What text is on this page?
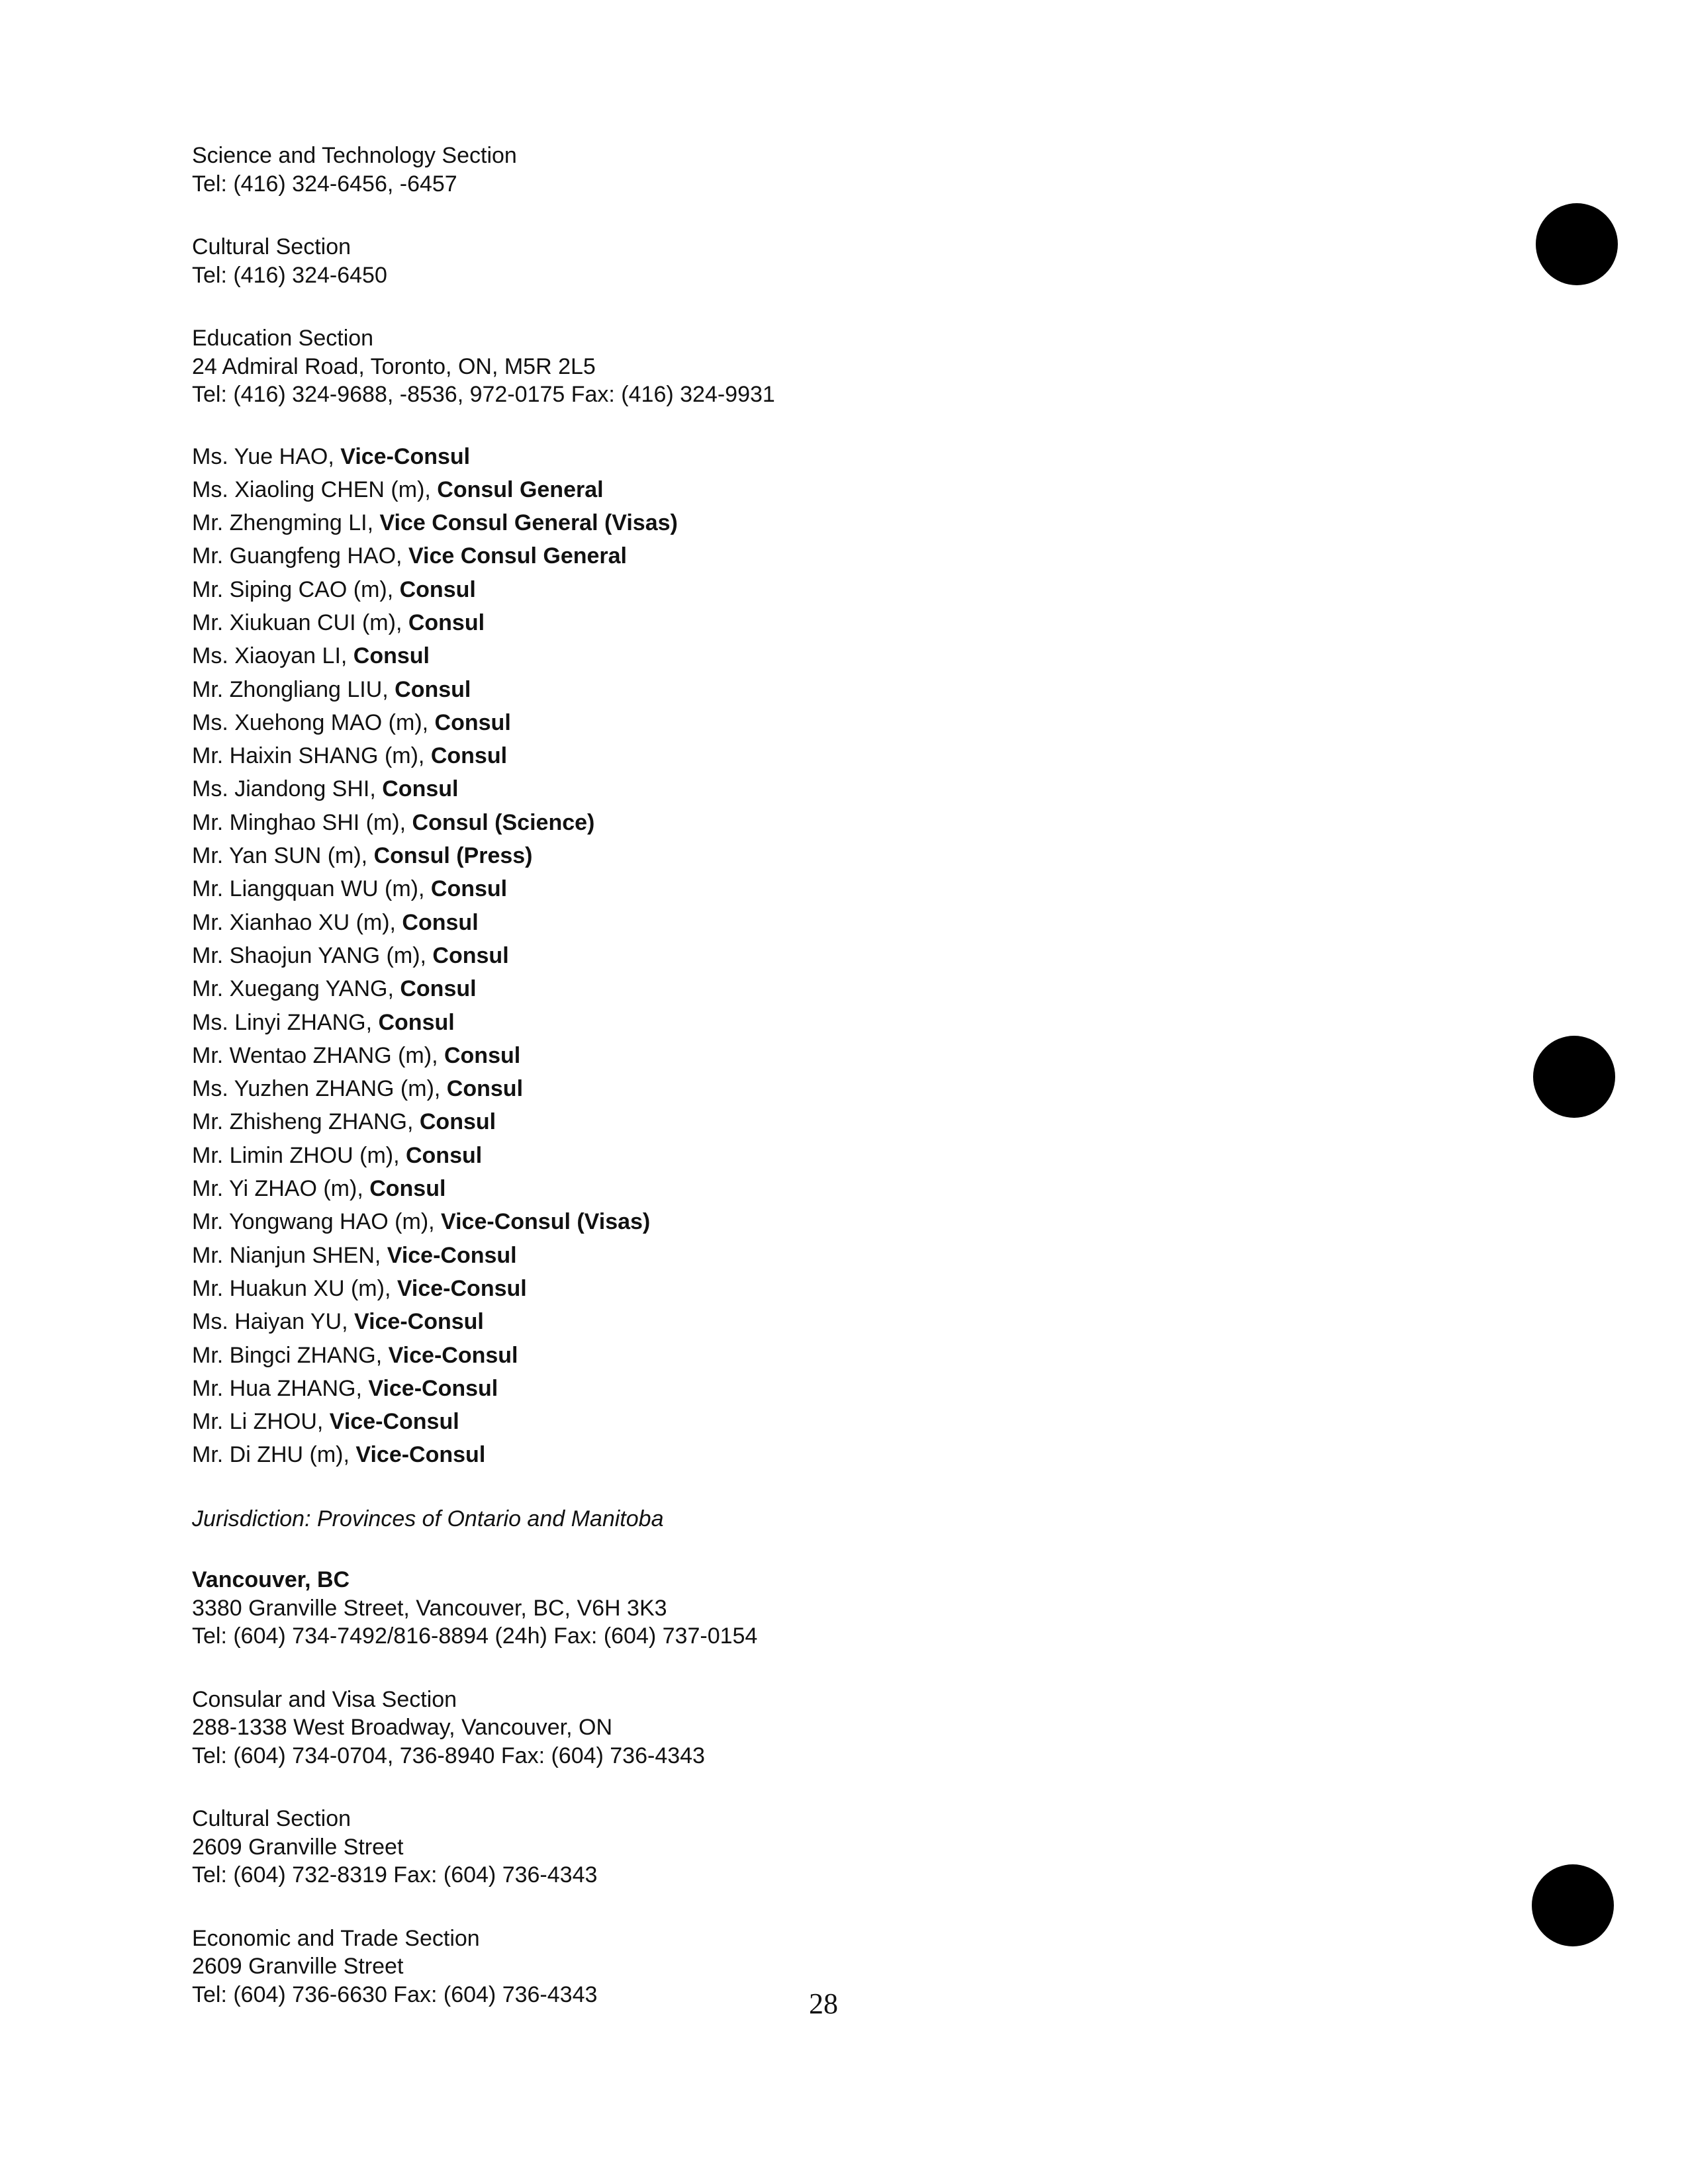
Science and Technology Section
Tel: (416) 324-6456, -6457
Cultural Section
Tel: (416) 324-6450
Education Section
24 Admiral Road, Toronto, ON, M5R 2L5
Tel: (416) 324-9688, -8536, 972-0175 Fax: (416) 324-9931
Ms. Yue HAO, Vice-Consul
Ms. Xiaoling CHEN (m), Consul General
Mr. Zhengming LI, Vice Consul General (Visas)
Mr. Guangfeng HAO, Vice Consul General
Mr. Siping CAO (m), Consul
Mr. Xiukuan CUI (m), Consul
Ms. Xiaoyan LI, Consul
Mr. Zhongliang LIU, Consul
Ms. Xuehong MAO (m), Consul
Mr. Haixin SHANG (m), Consul
Ms. Jiandong SHI, Consul
Mr. Minghao SHI (m), Consul (Science)
Mr. Yan SUN (m), Consul (Press)
Mr. Liangquan WU (m), Consul
Mr. Xianhao XU (m), Consul
Mr. Shaojun YANG (m), Consul
Mr. Xuegang YANG, Consul
Ms. Linyi ZHANG, Consul
Mr. Wentao ZHANG (m), Consul
Ms. Yuzhen ZHANG (m), Consul
Mr. Zhisheng ZHANG, Consul
Mr. Limin ZHOU (m), Consul
Mr. Yi ZHAO (m), Consul
Mr. Yongwang HAO (m), Vice-Consul (Visas)
Mr. Nianjun SHEN, Vice-Consul
Mr. Huakun XU (m), Vice-Consul
Ms. Haiyan YU, Vice-Consul
Mr. Bingci ZHANG, Vice-Consul
Mr. Hua ZHANG, Vice-Consul
Mr. Li ZHOU, Vice-Consul
Mr. Di ZHU (m), Vice-Consul
Jurisdiction: Provinces of Ontario and Manitoba
Vancouver, BC
3380 Granville Street, Vancouver, BC, V6H 3K3
Tel: (604) 734-7492/816-8894 (24h) Fax: (604) 737-0154
Consular and Visa Section
288-1338 West Broadway, Vancouver, ON
Tel: (604) 734-0704, 736-8940 Fax: (604) 736-4343
Cultural Section
2609 Granville Street
Tel: (604) 732-8319 Fax: (604) 736-4343
Economic and Trade Section
2609 Granville Street
Tel: (604) 736-6630 Fax: (604) 736-4343	28
